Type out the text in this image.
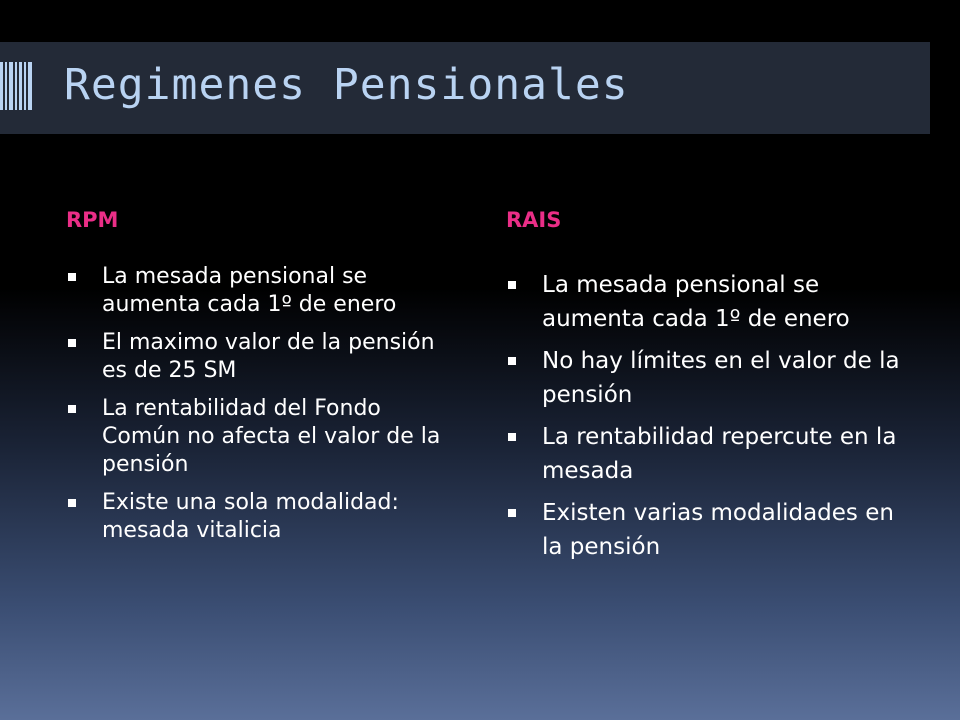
Regimenes Pensionales
RPM	RAIS
La mesada pensional se aumenta cada 1º de enero
El maximo valor de la pensión es de 25 SM
La rentabilidad del Fondo Común no afecta el valor de la pensión
Existe una sola modalidad: mesada vitalicia
La mesada pensional se aumenta cada 1º de enero
No hay límites en el valor de la pensión
La rentabilidad repercute en la mesada
Existen varias modalidades en la pensión
